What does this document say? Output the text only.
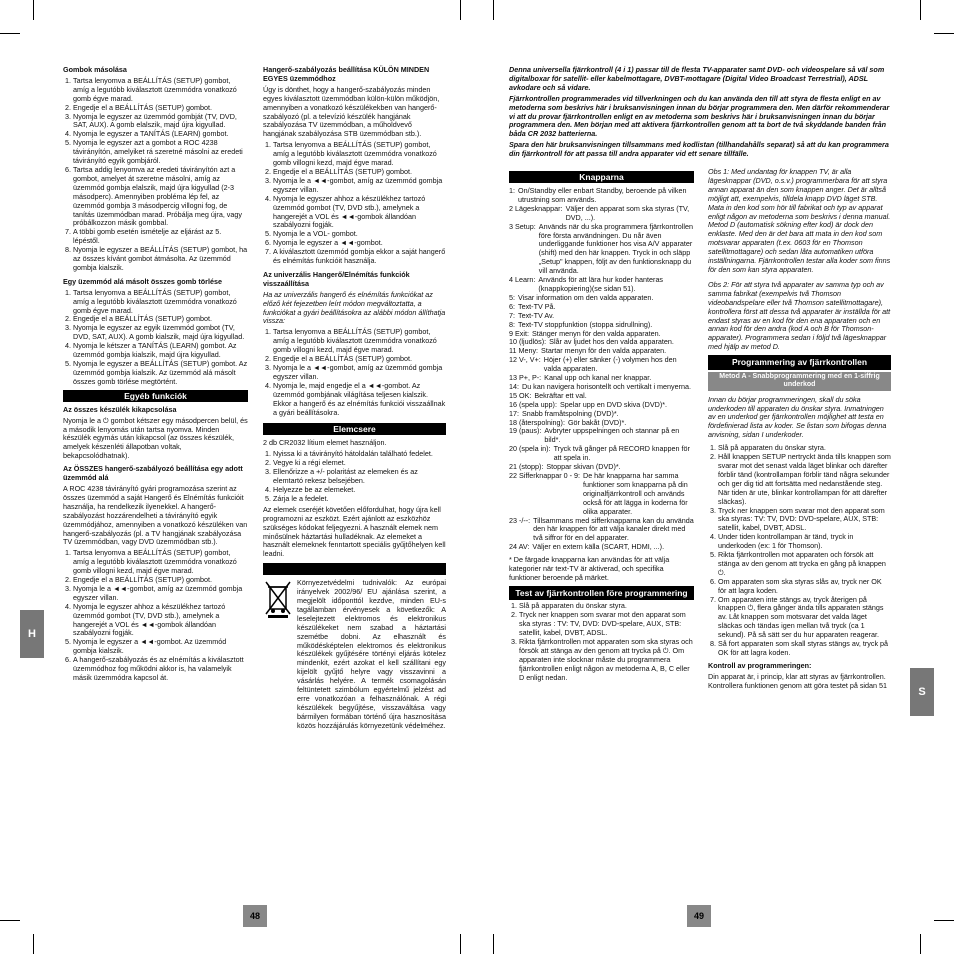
H
S
48	49

Gombok másolása

1. Tartsa lenyomva a BEÁLLÍTÁS (SETUP) gombot, amíg a legutóbb kiválasztott üzemmódra vonatkozó gomb égve marad.
2. Engedje el a BEÁLLÍTÁS (SETUP) gombot.
3. Nyomja le egyszer az üzemmód gombját (TV, DVD, SAT, AUX). A gomb elalszik, majd újra kigyullad.
4. Nyomja le egyszer a TANÍTÁS (LEARN) gombot.
5. Nyomja le egyszer azt a gombot a ROC 4238 távirányítón, amelyiket rá szeretné másolni az eredeti távirányító egyik gombjáról.
6. Tartsa addig lenyomva az eredeti távirányítón azt a gombot, amelyet át szeretne másolni, amíg az üzemmód gombja elalszik, majd újra kigyullad (2-3 másodperc). Amennyiben probléma lép fel, az üzemmód gombja 3 másodpercig villogni fog, de tanítás üzemmódban marad. Próbálja meg újra, vagy próbálkozzon másik gombbal.
7. A többi gomb esetén ismételje az eljárást az 5. lépéstől.
8. Nyomja le egyszer a BEÁLLÍTÁS (SETUP) gombot, ha az összes kívánt gombot átmásolta. Az üzemmód gombja kialszik.

Egy üzemmód alá másolt összes gomb törlése

1. Tartsa lenyomva a BEÁLLÍTÁS (SETUP) gombot, amíg a legutóbb kiválasztott üzemmódra vonatkozó gomb égve marad.
2. Engedje el a BEÁLLÍTÁS (SETUP) gombot.
3. Nyomja le egyszer az egyik üzemmód gombot (TV, DVD, SAT, AUX). A gomb kialszik, majd újra kigyullad.
4. Nyomja le kétszer a TANÍTÁS (LEARN) gombot. Az üzemmód gombja kialszik, majd újra kigyullad.
5. Nyomja le egyszer a BEÁLLÍTÁS (SETUP) gombot. Az üzemmód gombja kialszik. Az üzemmód alá másolt összes gomb törlése megtörtént.
Egyéb funkciók

Az összes készülék kikapcsolása

Nyomja le a ⏻ gombot kétszer egy másodpercen belül, és a második lenyomás után tartsa nyomva. Minden készülék egymás után kikapcsol (az összes készülék, amelyek készenléti állapotban voltak, bekapcsolódhatnak).

Az ÖSSZES hangerő-szabályozó beállítása egy adott üzemmód alá

A ROC 4238 távirányító gyári programozása szerint az összes üzemmód a saját Hangerő és Elnémítás funkcióit használja, ha rendelkezik ilyenekkel. A hangerő-szabályozást hozzárendelheti a távirányító egyik üzemmódjához, amennyiben a vonatkozó készüléken van hangerő-szabályozás (pl. a TV hangjának szabályozása TV üzemmódban, vagy DVD üzemmódban stb.).

1. Tartsa lenyomva a BEÁLLÍTÁS (SETUP) gombot, amíg a legutóbb kiválasztott üzemmódra vonatkozó gomb villogni kezd, majd égve marad.
2. Engedje el a BEÁLLÍTÁS (SETUP) gombot.
3. Nyomja le a ◄◄-gombot, amíg az üzemmód gombja egyszer villan.
4. Nyomja le egyszer ahhoz a készülékhez tartozó üzemmód gombot (TV, DVD stb.), amelynek a hangerejét a VOL és ◄◄-gombok állandóan szabályozni fogják.
5. Nyomja le egyszer a ◄◄-gombot. Az üzemmód gombja kialszik.
6. A hangerő-szabályozás és az elnémítás a kiválasztott üzemmódhoz fog működni akkor is, ha valamelyik másik üzemmódra kapcsol át.

Hangerő-szabályozás beállítása KÜLÖN MINDEN EGYES üzemmódhoz

Úgy is dönthet, hogy a hangerő-szabályozás minden egyes kiválasztott üzemmódban külön-külön működjön, amennyiben a vonatkozó készülékekben van hangerő-szabályozó (pl. a televízió készülék hangjának szabályozása TV üzemmódban, a műholdvevő hangjának szabályozása STB üzemmódban stb.).

1. Tartsa lenyomva a BEÁLLÍTÁS (SETUP) gombot, amíg a legutóbb kiválasztott üzemmódra vonatkozó gomb villogni kezd, majd égve marad.
2. Engedje el a BEÁLLÍTÁS (SETUP) gombot.
3. Nyomja le a ◄◄-gombot, amíg az üzemmód gombja egyszer villan.
4. Nyomja le egyszer ahhoz a készülékhez tartozó üzemmód gombot (TV, DVD stb.), amelynek a hangerejét a VOL és ◄◄-gombok állandóan szabályozni fogják.
5. Nyomja le a VOL- gombot.
6. Nyomja le egyszer a ◄◄-gombot.
7. A kiválasztott üzemmód gombja ekkor a saját hangerő és elnémítás funkcióit használja.

Az univerzális Hangerő/Elnémítás funkciók visszaállítása

Ha az univerzális hangerő és elnémítás funkciókat az előző két fejezetben leírt módon megváltoztatta, a funkciókat a gyári beállításokra az alábbi módon állíthatja vissza:

1. Tartsa lenyomva a BEÁLLÍTÁS (SETUP) gombot, amíg a legutóbb kiválasztott üzemmódra vonatkozó gomb villogni kezd, majd égve marad.
2. Engedje el a BEÁLLÍTÁS (SETUP) gombot.
3. Nyomja le a ◄◄-gombot, amíg az üzemmód gombja egyszer villan.
4. Nyomja le, majd engedje el a ◄◄-gombot. Az üzemmód gombjának világítása teljesen kialszik. Ekkor a hangerő és az elnémítás funkciói visszaállnak a gyári beállításokra.
Elemcsere

2 db CR2032 lítium elemet használjon.

1. Nyissa ki a távirányító hátoldalán található fedelet.
2. Vegye ki a régi elemet.
3. Ellenőrizze a +/- polaritást az elemeken és az elemtartó rekesz belsejében.
4. Helyezze be az elemeket.
5. Zárja le a fedelet.

Az elemek cseréjét követően előfordulhat, hogy újra kell programozni az eszközt. Ezért ajánlott az eszközhöz szükséges kódokat feljegyezni. A használt elemek nem minősülnek háztartási hulladéknak. Az elemeket a használt elemeknek fenntartott speciális gyűjtőhelyen kell leadni.

Környezetvédelmi tudnivalók: Az európai irányelvek 2002/96/ EU ajánlása szerint, a megjelölt időponttól kezdve, minden EU-s tagállamban érvényesek a következők: A leselejtezett elektromos és elektronikus készülékeket nem szabad a háztartási szemétbe dobni. Az elhasznált és működésképtelen elektromos és elektronikus készülékek gyűjtésére történyi eljárás kötelez mindenkit, ezért azokat el kell szállítani egy kijelölt gyűjtő helyre vagy visszavinni a vásárlás helyére. A termék csomagolásán feltüntetett szimbólum egyértelmű jelzést ad erre vonatkozóan a felhasználónak. A régi készülékek begyűjtése, visszaváltása vagy bármilyen formában történő újra hasznosítása közös hozzájárulás környezetünk védelméhez.

Denna universella fjärrkontroll (4 i 1) passar till de flesta TV-apparater samt DVD- och videospelare så väl som digitalboxar för satellit- eller kabelmottagare, DVBT-mottagare (Digital Video Broadcast Terrestrial), ADSL avkodare och så vidare.

Fjärrkontrollen programmerades vid tillverkningen och du kan använda den till att styra de flesta enligt en av metoderna som beskrivs här i bruksanvisningen innan du börjar programmera den. Men därför rekommenderar vi att du provar fjärrkontrollen enligt en av metoderna som beskrivs här i bruksanvisningen innan du börjar programmera den. Men början med att aktivera fjärrkontrollen genom att ta bort de två skyddande banden från båda CR 2032 batterierna.

Spara den här bruksanvisningen tillsammans med kodlistan (tillhandahålls separat) så att du kan programmera din fjärrkontroll för att passa till andra apparater vid ett senare tillfälle.

Knapparna
1: On/Standby eller enbart Standby, beroende på vilken utrustning som används.
2 Lägesknappar: Väljer den apparat som ska styras (TV, DVD, ...).
3 Setup: Används när du ska programmera fjärrkontrollen före första användningen. Du når även underliggande funktioner hos visa A/V apparater (shift) med den här knappen. Tryck in och släpp „Setup" knappen, följt av den funktionsknapp du vill använda.
4 Learn: Används för att lära hur koder hanteras (knappkopiering)(se sidan 51).
5: Visar information om den valda apparaten.
6: Text-TV På.
7: Text-TV Av.
8: Text-TV stoppfunktion (stoppa sidrullning).
9 Exit: Stänger menyn för den valda apparaten.
10 (ljudlös): Slår av ljudet hos den valda apparaten.
11 Meny: Startar menyn för den valda apparaten.
12 V-, V+: Höjer (+) eller sänker (-) volymen hos den valda apparaten.
13 P+, P-: Kanal upp och kanal ner knappar.
14: Du kan navigera horisontellt och vertikalt i menyerna.
15 OK: Bekräftar ett val.
16 (spela upp): Spelar upp en DVD skiva (DVD)*.
17: Snabb framåtspolning (DVD)*.
18 (återspolning): Gör bakåt (DVD)*.
19 (paus): Avbryter uppspelningen och stannar på en bild*.
20 (spela in): Tryck två gånger på RECORD knappen för att spela in.
21 (stopp): Stoppar skivan (DVD)*.
22 Sifferknappar 0 - 9: De här knapparna har samma funktioner som knapparna på din originalfjärrkontroll och används också för att lägga in koderna för olika apparater.
23 -/--: Tillsammans med sifferknapparna kan du använda den här knappen för att välja kanaler direkt med två siffror för en del apparater.
24 AV: Väljer en extern källa (SCART, HDMI, ...).

* De färgade knapparna kan användas för att välja kategorier när text-TV är aktiverad, och specifika funktioner beroende på märket.

Test av fjärrkontrollen före programmering
1. Slå på apparaten du önskar styra.
2. Tryck ner knappen som svarar mot den apparat som ska styras : TV: TV, DVD: DVD-spelare, AUX, STB: satellit, kabel, DVBT, ADSL.
3. Rikta fjärrkontrollen mot apparaten som ska styras och försök att stänga av den genom att trycka på ⏻. Om apparaten inte slocknar måste du programmera fjärrkontrollen enligt någon av metoderna A, B, C eller D enligt nedan.

Obs 1: Med undantag för knappen TV, är alla lägesknappar (DVD, o.s.v.) programmerbara för att styra annan apparat än den som knappen anger. Det är alltså möjligt att, exempelvis, tilldela knapp DVD läget STB. Mata in den kod som hör till fabrikat och typ av apparat enligt någon av metoderna som beskrivs i denna manual. Metod D (automatisk sökning efter kod) är dock den enklaste. Med den är det bara att mata in den kod som motsvarar apparaten (t.ex. 0603 för en Thomson satellitmottagare) och sedan låta automatiken utföra inställningarna. Fjärrkontrollen testar alla koder som finns för den som kan styra apparaten.

Obs 2: För att styra två apparater av samma typ och av samma fabrikat (exempelvis två Thomson videobandspelare eller två Thomson satellitmottagare), kontrollera först att dessa två apparater är inställda för att endast styras av en kod för den ena apparaten och en annan kod för den andra (kod A och B för Thomson-apparater). Programmera sedan i följd två lägesknappar med hjälp av metod D.

Programmering av fjärrkontrollen
Metod A - Snabbprogrammering med en 1-siffrig underkod

Innan du börjar programmeringen, skall du söka underkoden till apparaten du önskar styra. Inmatningen av en underkod ger fjärrkontrollen möjlighet att testa en fördefinierad lista av koder. Se listan som bifogas denna anvisning, sidan I underkoder.

1. Slå på apparaten du önskar styra.
2. Håll knappen SETUP nertryckt ända tills knappen som svarar mot det senast valda läget blinkar och därefter förblir tänd (kontrollampan förblir tänd några sekunder och ger dig tid att fortsätta med nedanstående steg. När tiden är ute, blinkar kontrollampan för att därefter släckas).
3. Tryck ner knappen som svarar mot den apparat som ska styras: TV: TV, DVD: DVD-spelare, AUX, STB: satellit, kabel, DVBT, ADSL.
4. Under tiden kontrollampan är tänd, tryck in underkoden (ex: 1 för Thomson).
5. Rikta fjärrkontrollen mot apparaten och försök att stänga av den genom att trycka en gång på knappen ⏻.
6. Om apparaten som ska styras slås av, tryck ner OK för att lagra koden.
7. Om apparaten inte stängs av, tryck återigen på knappen ⏻, flera gånger ända tills apparaten stängs av. Låt knappen som motsvarar det valda läget släckas och tändas igen mellan två tryck (ca 1 sekund). På så sätt ser du hur apparaten reagerar.
8. Så fort apparaten som skall styras stängs av, tryck på OK för att lagra koden.

Kontroll av programmeringen:

Din apparat är, i princip, klar att styras av fjärrkontrollen. Kontrollera funktionen genom att göra testet på sidan 51
